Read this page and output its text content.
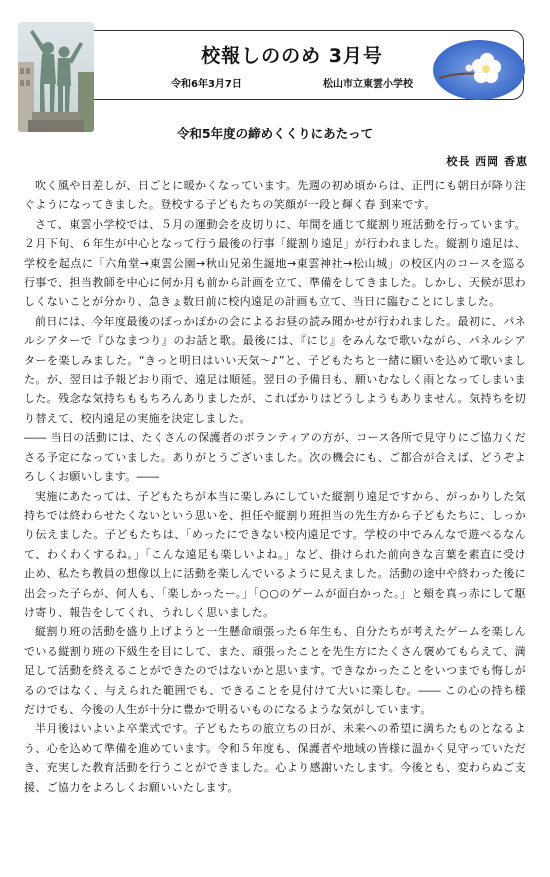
校報しののめ 3月号
令和6年3月7日	松山市立東雲小学校
令和5年度の締めくくりにあたって
校長 西岡 香恵

吹く風や日差しが、日ごとに暖かくなっています。先週の初め頃からは、正門にも朝日が降り注ぐようになってきました。登校する子どもたちの笑顔が一段と輝く春 到来です。

さて、東雲小学校では、５月の運動会を皮切りに、年間を通じて縦割り班活動を行っています。２月下旬、６年生が中心となって行う最後の行事「縦割り遠足」が行われました。縦割り遠足は、学校を起点に「六角堂→東雲公園→秋山兄弟生誕地→東雲神社→松山城」の校区内のコースを巡る行事で、担当教師を中心に何か月も前から計画を立て、準備をしてきました。しかし、天候が思わしくないことが分かり、急きょ数日前に校内遠足の計画も立て、当日に臨むことにしました。

前日には、今年度最後のぽっかぽかの会によるお昼の読み聞かせが行われました。最初に、パネルシアターで『ひなまつり』のお話と歌。最後には、『にじ』をみんなで歌いながら、パネルシアターを楽しみました。“きっと明日はいい天気～♪”と、子どもたちと一緒に願いを込めて歌いました。が、翌日は予報どおり雨で、遠足は順延。翌日の予備日も、願いむなしく雨となってしまいました。残念な気持ちももちろんありましたが、こればかりはどうしようもありません。気持ちを切り替えて、校内遠足の実施を決定しました。

―― 当日の活動には、たくさんの保護者のボランティアの方が、コース各所で見守りにご協力くださる予定になっていました。ありがとうございました。次の機会にも、ご都合が合えば、どうぞよろしくお願いします。――

実施にあたっては、子どもたちが本当に楽しみにしていた縦割り遠足ですから、がっかりした気持ちでは終わらせたくないという思いを、担任や縦割り班担当の先生方から子どもたちに、しっかり伝えました。子どもたちは、「めったにできない校内遠足です。学校の中でみんなで遊べるなんて、わくわくするね。」「こんな遠足も楽しいよね。」など、掛けられた前向きな言葉を素直に受け止め、私たち教員の想像以上に活動を楽しんでいるように見えました。活動の途中や終わった後に出会った子らが、何人も、「楽しかったー。」「○○のゲームが面白かった。」と頬を真っ赤にして駆け寄り、報告をしてくれ、うれしく思いました。

縦割り班の活動を盛り上げようと一生懸命頑張った６年生も、自分たちが考えたゲームを楽しんでいる縦割り班の下級生を目にして、また、頑張ったことを先生方にたくさん褒めてもらえて、満足して活動を終えることができたのではないかと思います。できなかったことをいつまでも悔しがるのではなく、与えられた範囲でも、できることを見付けて大いに楽しむ。―― この心の持ち様だけでも、今後の人生が十分に豊かで明るいものになるような気がしています。

半月後はいよいよ卒業式です。子どもたちの旅立ちの日が、未来への希望に満ちたものとなるよう、心を込めて準備を進めています。令和５年度も、保護者や地域の皆様に温かく見守っていただき、充実した教育活動を行うことができました。心より感謝いたします。今後とも、変わらぬご支援、ご協力をよろしくお願いいたします。
